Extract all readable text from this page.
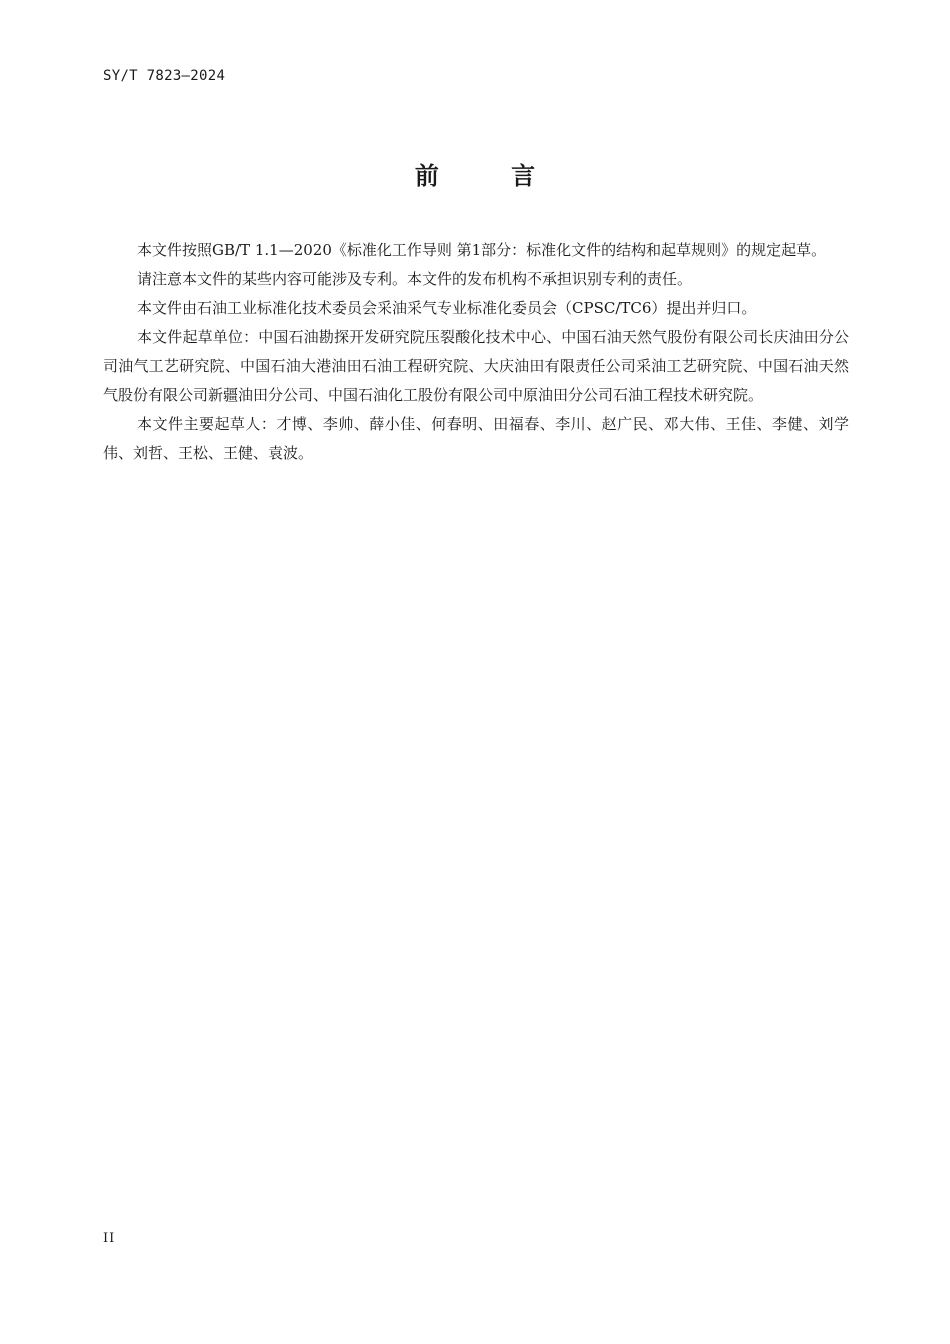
SY/T 7823—2024
前 言

本文件按照GB/T 1.1—2020《标准化工作导则 第1部分：标准化文件的结构和起草规则》的规定起草。

请注意本文件的某些内容可能涉及专利。本文件的发布机构不承担识别专利的责任。

本文件由石油工业标准化技术委员会采油采气专业标准化委员会（CPSC/TC6）提出并归口。

本文件起草单位：中国石油勘探开发研究院压裂酸化技术中心、中国石油天然气股份有限公司长庆油田分公司油气工艺研究院、中国石油大港油田石油工程研究院、大庆油田有限责任公司采油工艺研究院、中国石油天然气股份有限公司新疆油田分公司、中国石油化工股份有限公司中原油田分公司石油工程技术研究院。

本文件主要起草人：才博、李帅、薛小佳、何春明、田福春、李川、赵广民、邓大伟、王佳、李健、刘学伟、刘哲、王松、王健、袁波。

II
